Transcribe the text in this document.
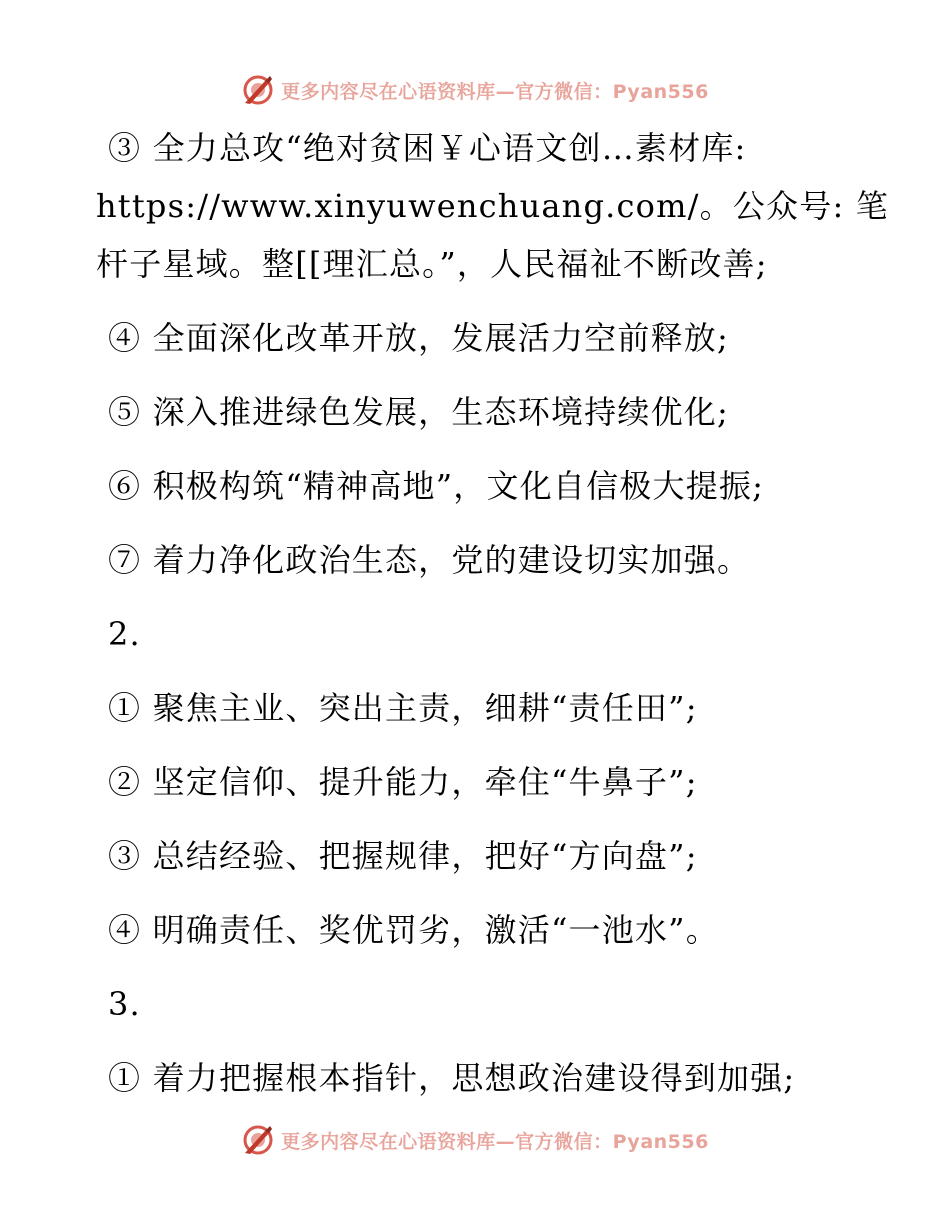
更多内容尽在心语资料库—官方微信：Pyan556
③ 全力总攻“绝对贫困￥心语文创…素材库:
https://www.xinyuwenchuang.com/。公众号: 笔
杆子星域。整[[理汇总。”，人民福祉不断改善;
④ 全面深化改革开放，发展活力空前释放;
⑤ 深入推进绿色发展，生态环境持续优化;
⑥ 积极构筑“精神高地”，文化自信极大提振;
⑦ 着力净化政治生态，党的建设切实加强。
2.
① 聚焦主业、突出主责，细耕“责任田”;
② 坚定信仰、提升能力，牵住“牛鼻子”;
③ 总结经验、把握规律，把好“方向盘”;
④ 明确责任、奖优罚劣，激活“一池水”。
3.
① 着力把握根本指针，思想政治建设得到加强;
更多内容尽在心语资料库—官方微信：Pyan556
